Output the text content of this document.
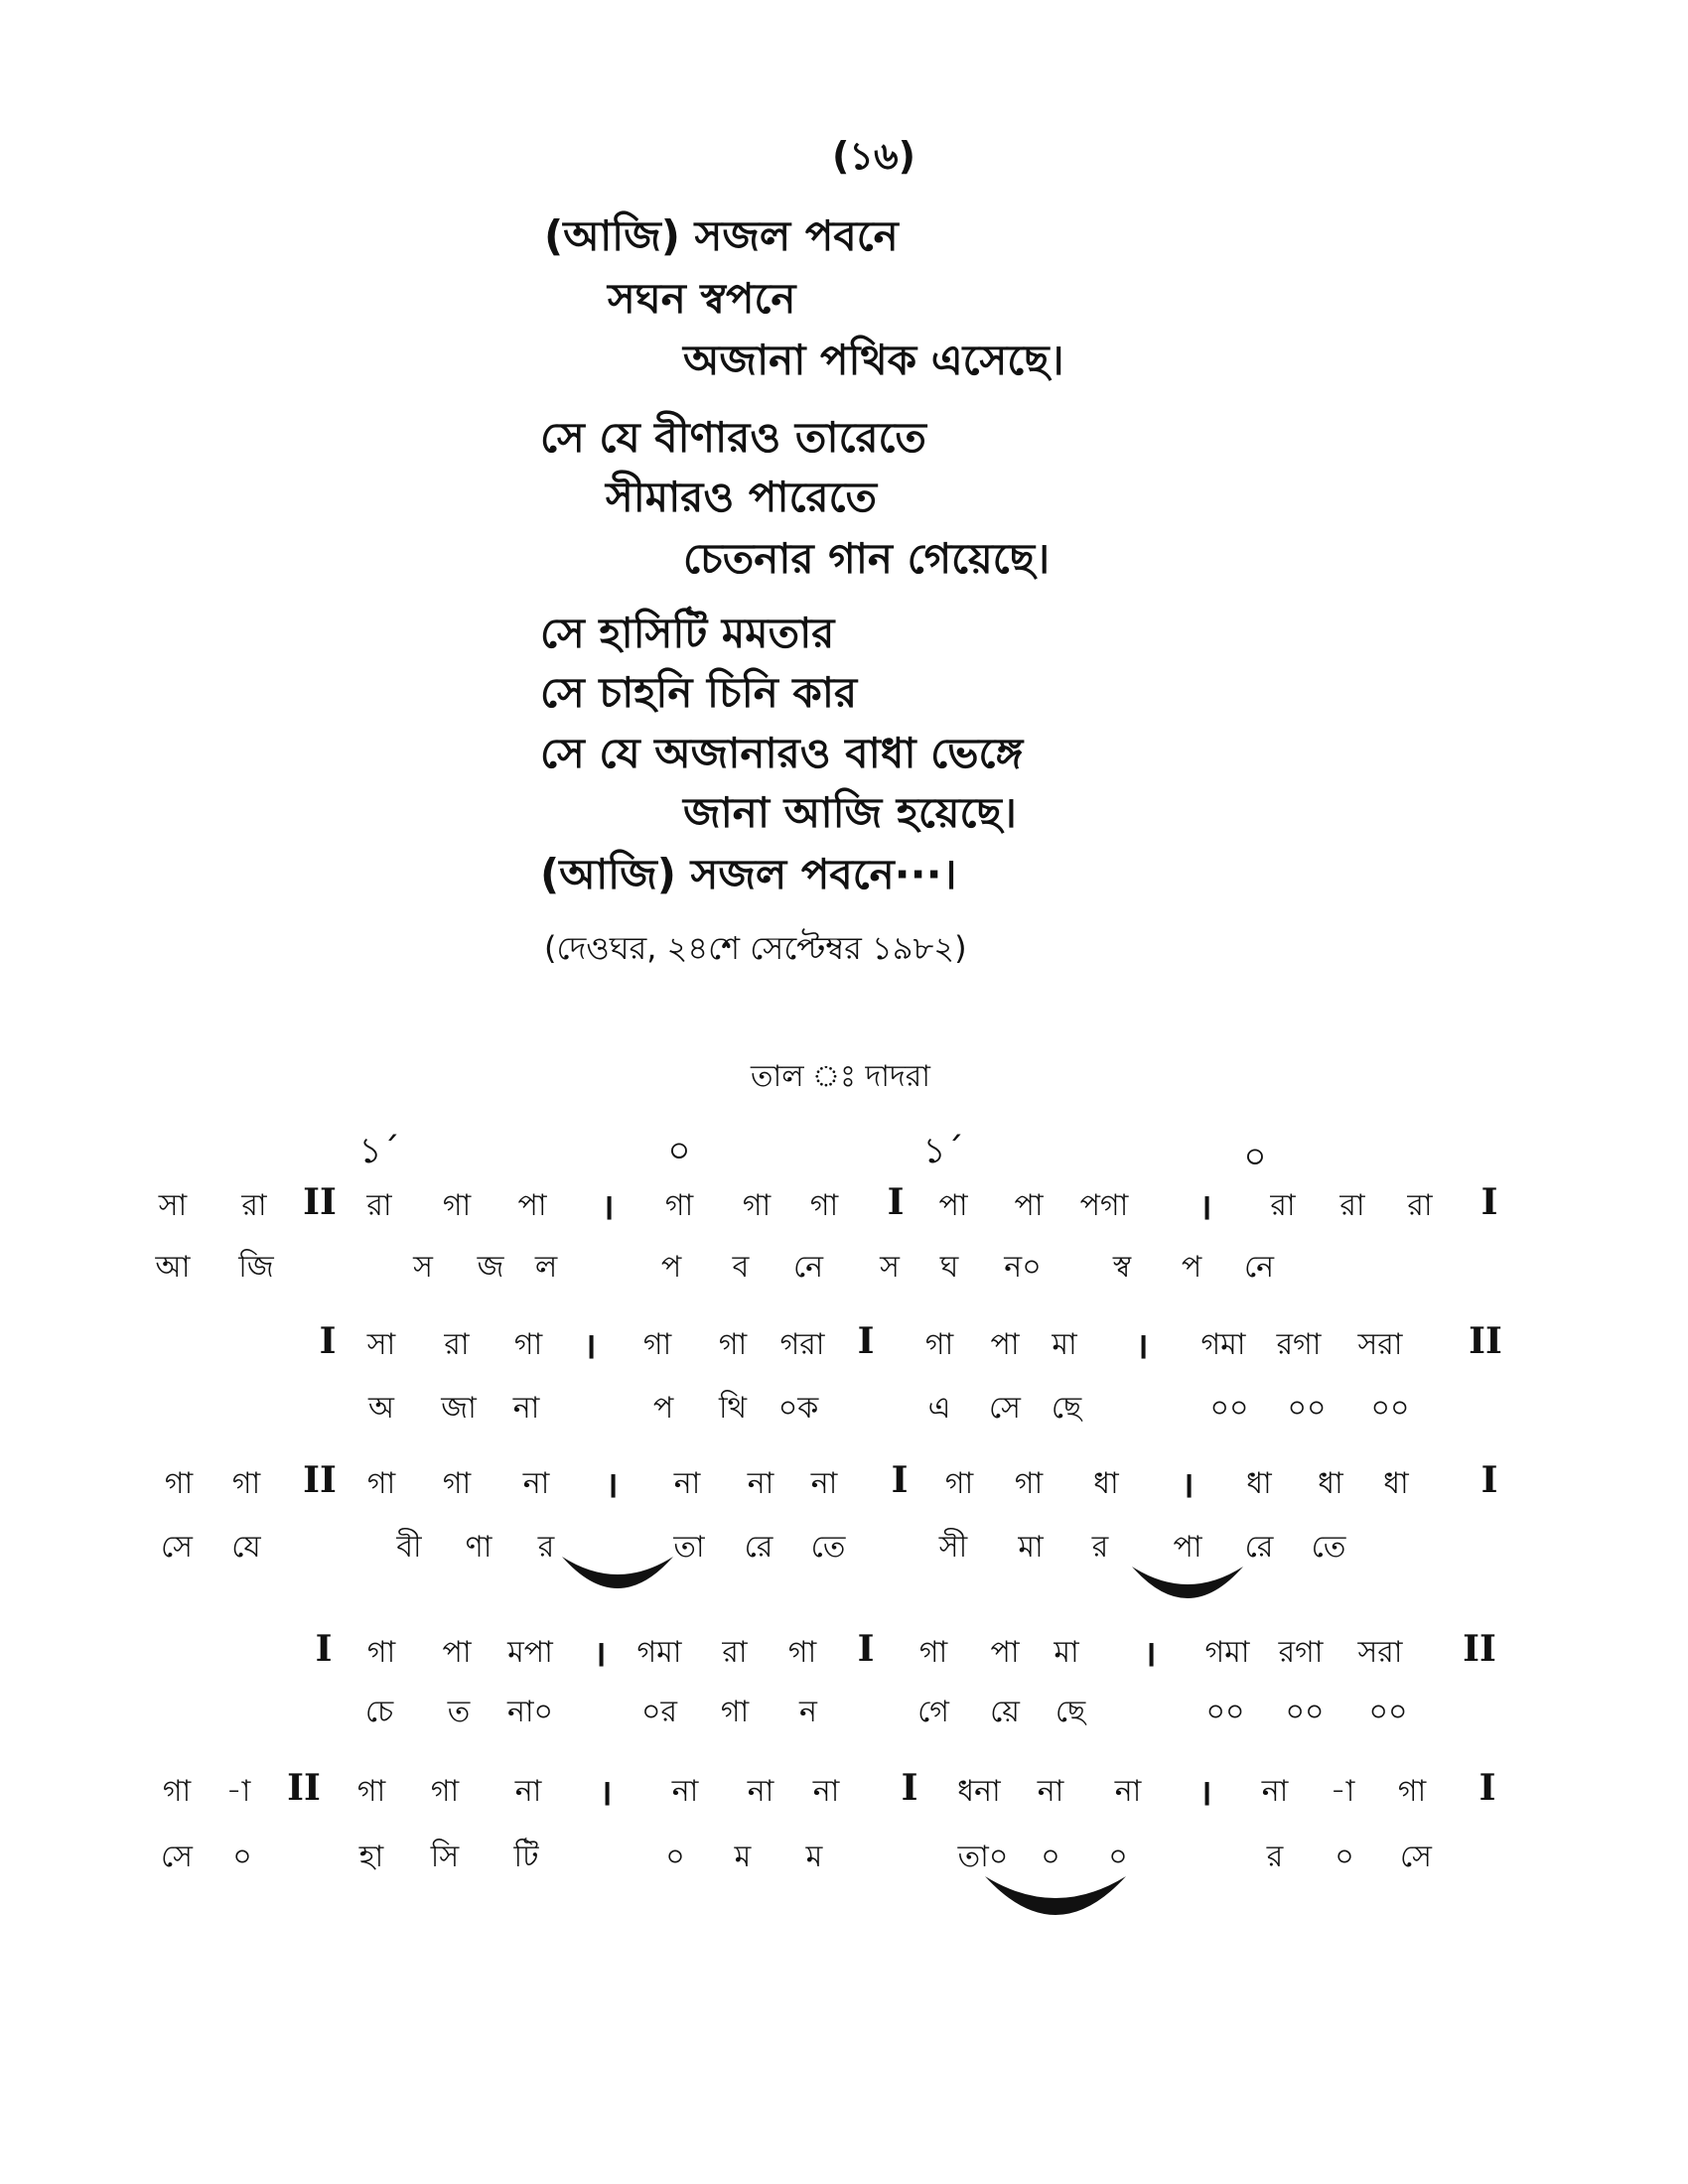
(১৬)
(আজি) সজল পবনে
সঘন স্বপনে
অজানা পথিক এসেছে।
সে যে বীণারও তারেতে
সীমারও পারেতে
চেতনার গান গেয়েছে।
সে হাসিটি মমতার
সে চাহনি চিনি কার
সে যে অজানারও বাধা ভেঙ্গে
জানা আজি হয়েছে।
(আজি) সজল পবনে···।
(দেওঘর, ২৪শে সেপ্টেম্বর ১৯৮২)
তাল ঃ দাদরা
১´	০	১´	০
সা রা II রা গা পা । গা গা গা I পা পা পগা । রা রা রা I
আ জি	স জ ল	প ব নে স ঘ ন০ স্ব প নে
I সা রা গা । গা গা গরা I গা পা মা । গমা রগা সরা II
অ জা না	প থি ০ক	এ সে ছে	০০ ০০ ০০
গা গা II গা গা না । না না না I গা গা ধা । ধা ধা ধা I
সে যে	বী ণা র	তা রে তে	সী মা র পা রে তে
I গা পা মপা । গমা রা গা I গা পা মা । গমা রগা সরা II
চে ত না০	০র গা ন	গে য়ে ছে	০০ ০০ ০০
গা -া II গা গা না । না না না I ধনা না না । না -া গা I
সে ০	হা সি টি	০ ম ম	তা০ ০ ০	র ০ সে
